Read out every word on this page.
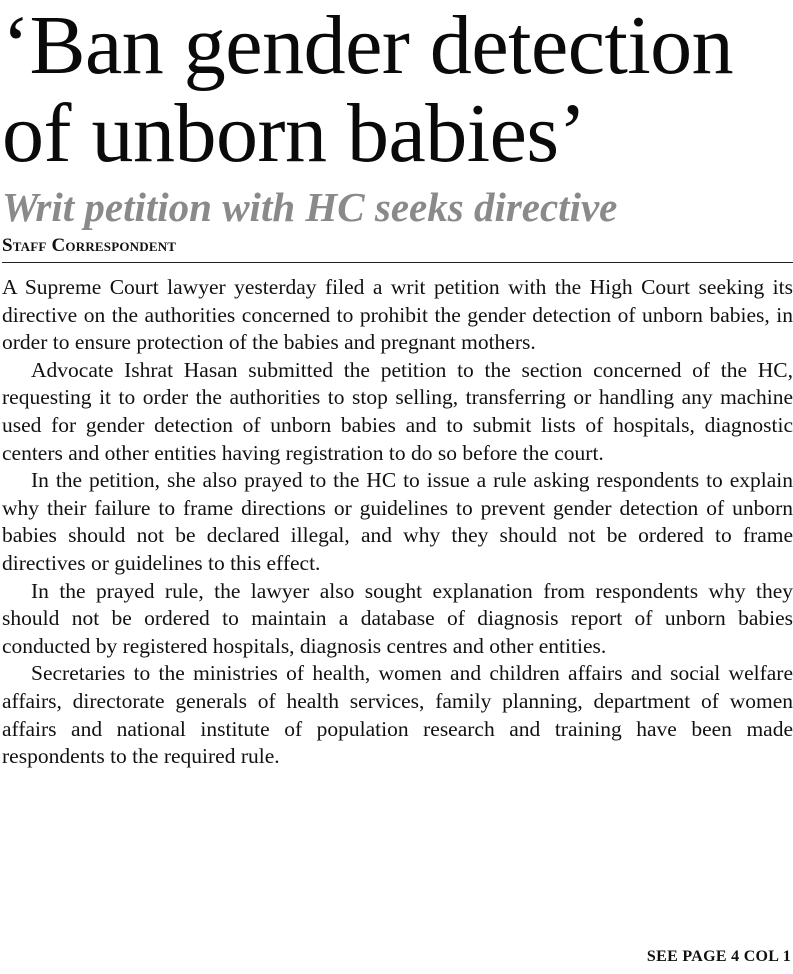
‘Ban gender detection of unborn babies’
Writ petition with HC seeks directive
Staff Correspondent

A Supreme Court lawyer yesterday filed a writ petition with the High Court seeking its directive on the authorities concerned to prohibit the gender detection of unborn babies, in order to ensure protection of the babies and pregnant mothers.

Advocate Ishrat Hasan submitted the petition to the section concerned of the HC, requesting it to order the authorities to stop selling, transferring or handling any machine used for gender detection of unborn babies and to submit lists of hospitals, diagnostic centers and other entities having registration to do so before the court.

In the petition, she also prayed to the HC to issue a rule asking respondents to explain why their failure to frame directions or guidelines to prevent gender detection of unborn babies should not be declared illegal, and why they should not be ordered to frame directives or guidelines to this effect.

In the prayed rule, the lawyer also sought explanation from respondents why they should not be ordered to maintain a database of diagnosis report of unborn babies conducted by registered hospitals, diagnosis centres and other entities.

Secretaries to the ministries of health, women and children affairs and social welfare affairs, directorate generals of health services, family planning, department of women affairs and national institute of population research and training have been made respondents to the required rule.

SEE PAGE 4 COL 1
